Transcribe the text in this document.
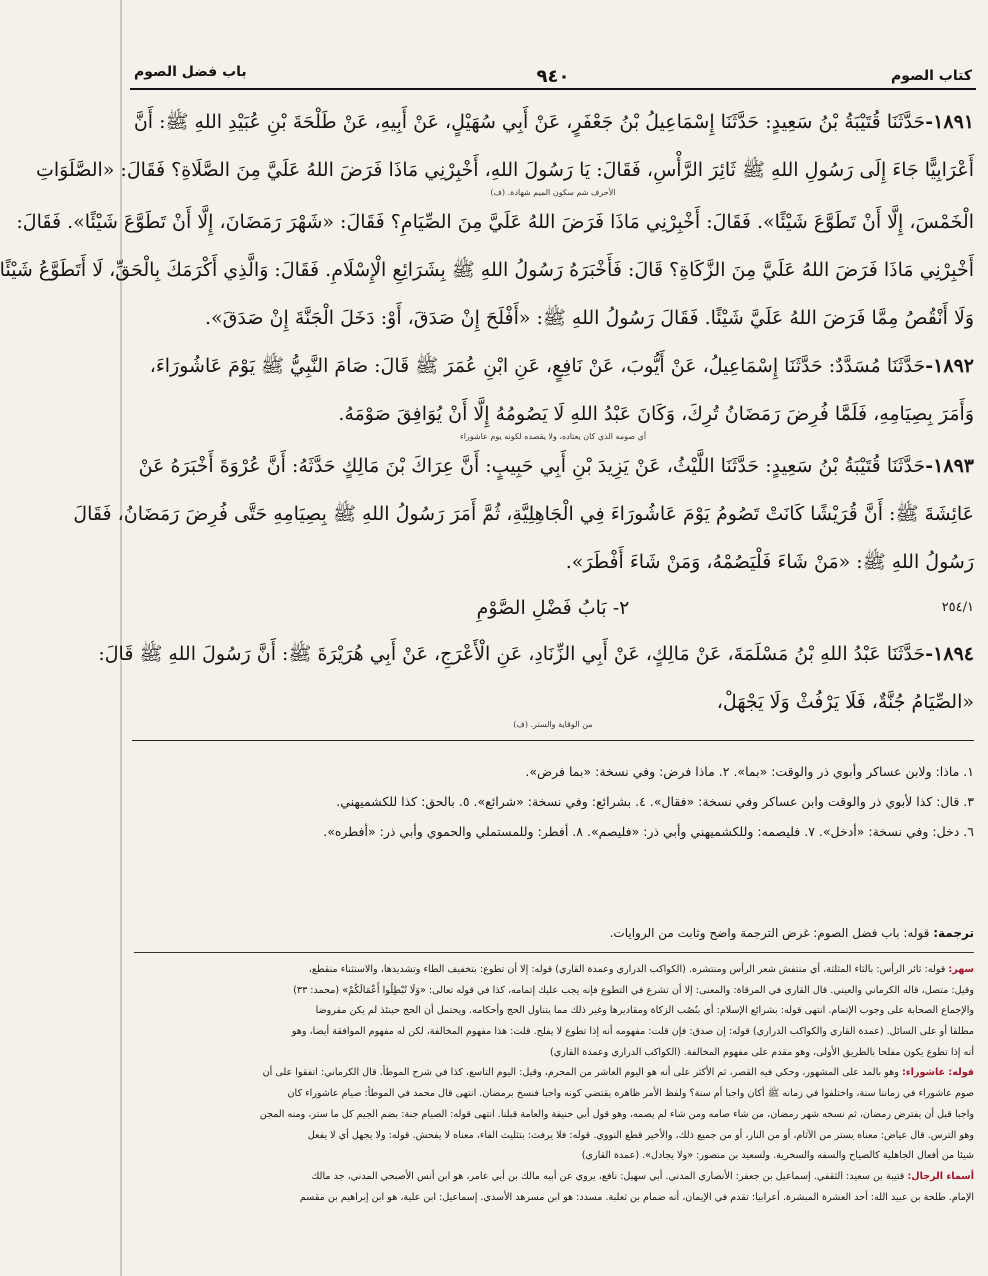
كتاب الصوم
٩٤٠
باب فضل الصوم
١٨٩١-حَدَّثَنَا قُتَيْبَةُ بْنُ سَعِيدٍ: حَدَّثَنَا إِسْمَاعِيلُ بْنُ جَعْفَرٍ، عَنْ أَبِي سُهَيْلٍ، عَنْ أَبِيهِ، عَنْ طَلْحَةَ بْنِ عُبَيْدِ اللهِ ﷺ: أَنَّ
أَعْرَابِيًّا جَاءَ إِلَى رَسُولِ اللهِ ﷺ ثَائِرَ الرَّأْسِ، فَقَالَ: يَا رَسُولَ اللهِ، أَخْبِرْنِي مَاذَا فَرَضَ اللهُ عَلَيَّ مِنَ الصَّلَاةِ؟ فَقَالَ: «الصَّلَوَاتِ
الأحرف شم سكون الميم شهادة. (ف)
الْخَمْسَ، إِلَّا أَنْ تَطَوَّعَ شَيْئًا». فَقَالَ: أَخْبِرْنِي مَاذَا فَرَضَ اللهُ عَلَيَّ مِنَ الصِّيَامِ؟ فَقَالَ: «شَهْرَ رَمَضَانَ، إِلَّا أَنْ تَطَوَّعَ شَيْئًا». فَقَالَ:
أَخْبِرْنِي مَاذَا فَرَضَ اللهُ عَلَيَّ مِنَ الزَّكَاةِ؟ قَالَ: فَأَخْبَرَهُ رَسُولُ اللهِ ﷺ بِشَرَائِعِ الْإِسْلَامِ. فَقَالَ: وَالَّذِي أَكْرَمَكَ بِالْحَقِّ، لَا أَتَطَوَّعُ شَيْئًا
وَلَا أَنْقُصُ مِمَّا فَرَضَ اللهُ عَلَيَّ شَيْئًا. فَقَالَ رَسُولُ اللهِ ﷺ: «أَفْلَحَ إِنْ صَدَقَ، أَوْ: دَخَلَ الْجَنَّةَ إِنْ صَدَقَ».
١٨٩٢-حَدَّثَنَا مُسَدَّدٌ: حَدَّثَنَا إِسْمَاعِيلُ، عَنْ أَيُّوبَ، عَنْ نَافِعٍ، عَنِ ابْنِ عُمَرَ ﷺ قَالَ: صَامَ النَّبِيُّ ﷺ يَوْمَ عَاشُورَاءَ،
وَأَمَرَ بِصِيَامِهِ، فَلَمَّا فُرِضَ رَمَضَانُ تُرِكَ، وَكَانَ عَبْدُ اللهِ لَا يَصُومُهُ إِلَّا أَنْ يُوَافِقَ صَوْمَهُ.
أي صومه الذي كان يعتاده، ولا يقصده لكونه يوم عاشوراء
١٨٩٣-حَدَّثَنَا قُتَيْبَةُ بْنُ سَعِيدٍ: حَدَّثَنَا اللَّيْثُ، عَنْ يَزِيدَ بْنِ أَبِي حَبِيبٍ: أَنَّ عِرَاكَ بْنَ مَالِكٍ حَدَّثَهُ: أَنَّ عُرْوَةَ أَخْبَرَهُ عَنْ
عَائِشَةَ ﷺ: أَنَّ قُرَيْشًا كَانَتْ تَصُومُ يَوْمَ عَاشُورَاءَ فِي الْجَاهِلِيَّةِ، ثُمَّ أَمَرَ رَسُولُ اللهِ ﷺ بِصِيَامِهِ حَتَّى فُرِضَ رَمَضَانُ، فَقَالَ
رَسُولُ اللهِ ﷺ: «مَنْ شَاءَ فَلْيَصُمْهُ، وَمَنْ شَاءَ أَفْطَرَ».
٢٥٤/١
٢- بَابُ فَضْلِ الصَّوْمِ
١٨٩٤-حَدَّثَنَا عَبْدُ اللهِ بْنُ مَسْلَمَةَ، عَنْ مَالِكٍ، عَنْ أَبِي الزِّنَادِ، عَنِ الْأَعْرَجِ، عَنْ أَبِي هُرَيْرَةَ ﷺ: أَنَّ رَسُولَ اللهِ ﷺ قَالَ:
«الصِّيَامُ جُنَّةٌ، فَلَا يَرْفُثْ وَلَا يَجْهَلْ،
من الوقاية والستر. (ف)
١. ماذا: ولابن عساكر وأبوي ذر والوقت: «بما». ٢. ماذا فرض: وفي نسخة: «بما فرض».
٣. قال: كذا لأبوي ذر والوقت وابن عساكر وفي نسخة: «فقال». ٤. بشرائع: وفي نسخة: «شرائع». ٥. بالحق: كذا للكشميهني.
٦. دخل: وفي نسخة: «أدخل». ٧. فليصمه: وللكشميهني وأبي ذر: «فليصم». ٨. أفطر: وللمستملي والحموي وأبي ذر: «أفطره».
ترجمة: قوله: باب فضل الصوم: غرض الترجمة واضح وثابت من الروايات.
سهر: قوله: ثائر الرأس: بالثاء المثلثة، أي منتفش شعر الرأس ومنتشره. (الكواكب الدراري وعمدة القاري) قوله: إلا أن تطوع: بتخفيف الطاء وتشديدها، والاستثناء منقطع،
وقيل: متصل، قاله الكرماني والعيني. قال القاري في المرقاة: والمعنى: إلا أن تشرع في التطوع فإنه يجب عليك إتمامه، كذا في قوله تعالى: «وَلَا تُبْطِلُوا أَعْمَالَكُمْ» (محمد: ٣٣)
والإجماع الصحابة على وجوب الإتمام. انتهى قوله: بشرائع الإسلام: أي بنُصُب الزكاة ومقاديرها وغير ذلك مما يتناول الحج وأحكامه. ويحتمل أن الحج حينئذ لم يكن مفروضا
مطلقا أو على السائل. (عمدة القاري والكواكب الدراري) قوله: إن صدق: فإن قلت: مفهومه أنه إذا تطوع لا يفلح. قلت: هذا مفهوم المخالفة، لكن له مفهوم الموافقة أيضا، وهو
أنه إذا تطوع يكون مفلحا بالطريق الأولى، وهو مقدم على مفهوم المخالفة. (الكواكب الدراري وعمدة القاري)
قوله: عاشوراء: وهو بالمد على المشهور، وحكي فيه القصر، ثم الأكثر على أنه هو اليوم العاشر من المحرم، وقيل: اليوم التاسع، كذا في شرح الموطأ. قال الكرماني: اتفقوا على أن
صوم عاشوراء في زماننا سنة، واختلفوا في زمانه ﷺ أكان واجبا أم سنة؟ ولفظ الأمر ظاهره يقتضي كونه واجبا فنسخ برمضان. انتهى قال محمد في الموطأ: صيام عاشوراء كان
واجبا قبل أن يفترض رمضان، ثم نسخه شهر رمضان، من شاء صامه ومن شاء لم يصمه، وهو قول أبي حنيفة والعامة قبلنا. انتهى قوله: الصيام جنة: بضم الجيم كل ما ستر، ومنه المجن
وهو الترس. قال عياض: معناه يستر من الآثام، أو من النار، أو من جميع ذلك، والأخير قطع النووي. قوله: فلا يرفث: بتثليث الفاء، معناه لا يفحش. قوله: ولا يجهل أي لا يفعل
شيئا من أفعال الجاهلية كالصياح والسفه والسخرية. ولسعيد بن منصور: «ولا يجادل». (عمدة القاري)
أسماء الرجال: قتيبة بن سعيد: الثقفي. إسماعيل بن جعفر: الأنصاري المدني. أبي سهيل: نافع، يروي عن أبيه مالك بن أبي عامر، هو ابن أنس الأصبحي المدني، جد مالك
الإمام. طلحة بن عبيد الله: أحد العشرة المبشرة. أعرابيا: تقدم في الإيمان، أنه ضمام بن ثعلبة. مسدد: هو ابن مسرهد الأسدي. إسماعيل: ابن علية، هو ابن إبراهيم بن مقسم
